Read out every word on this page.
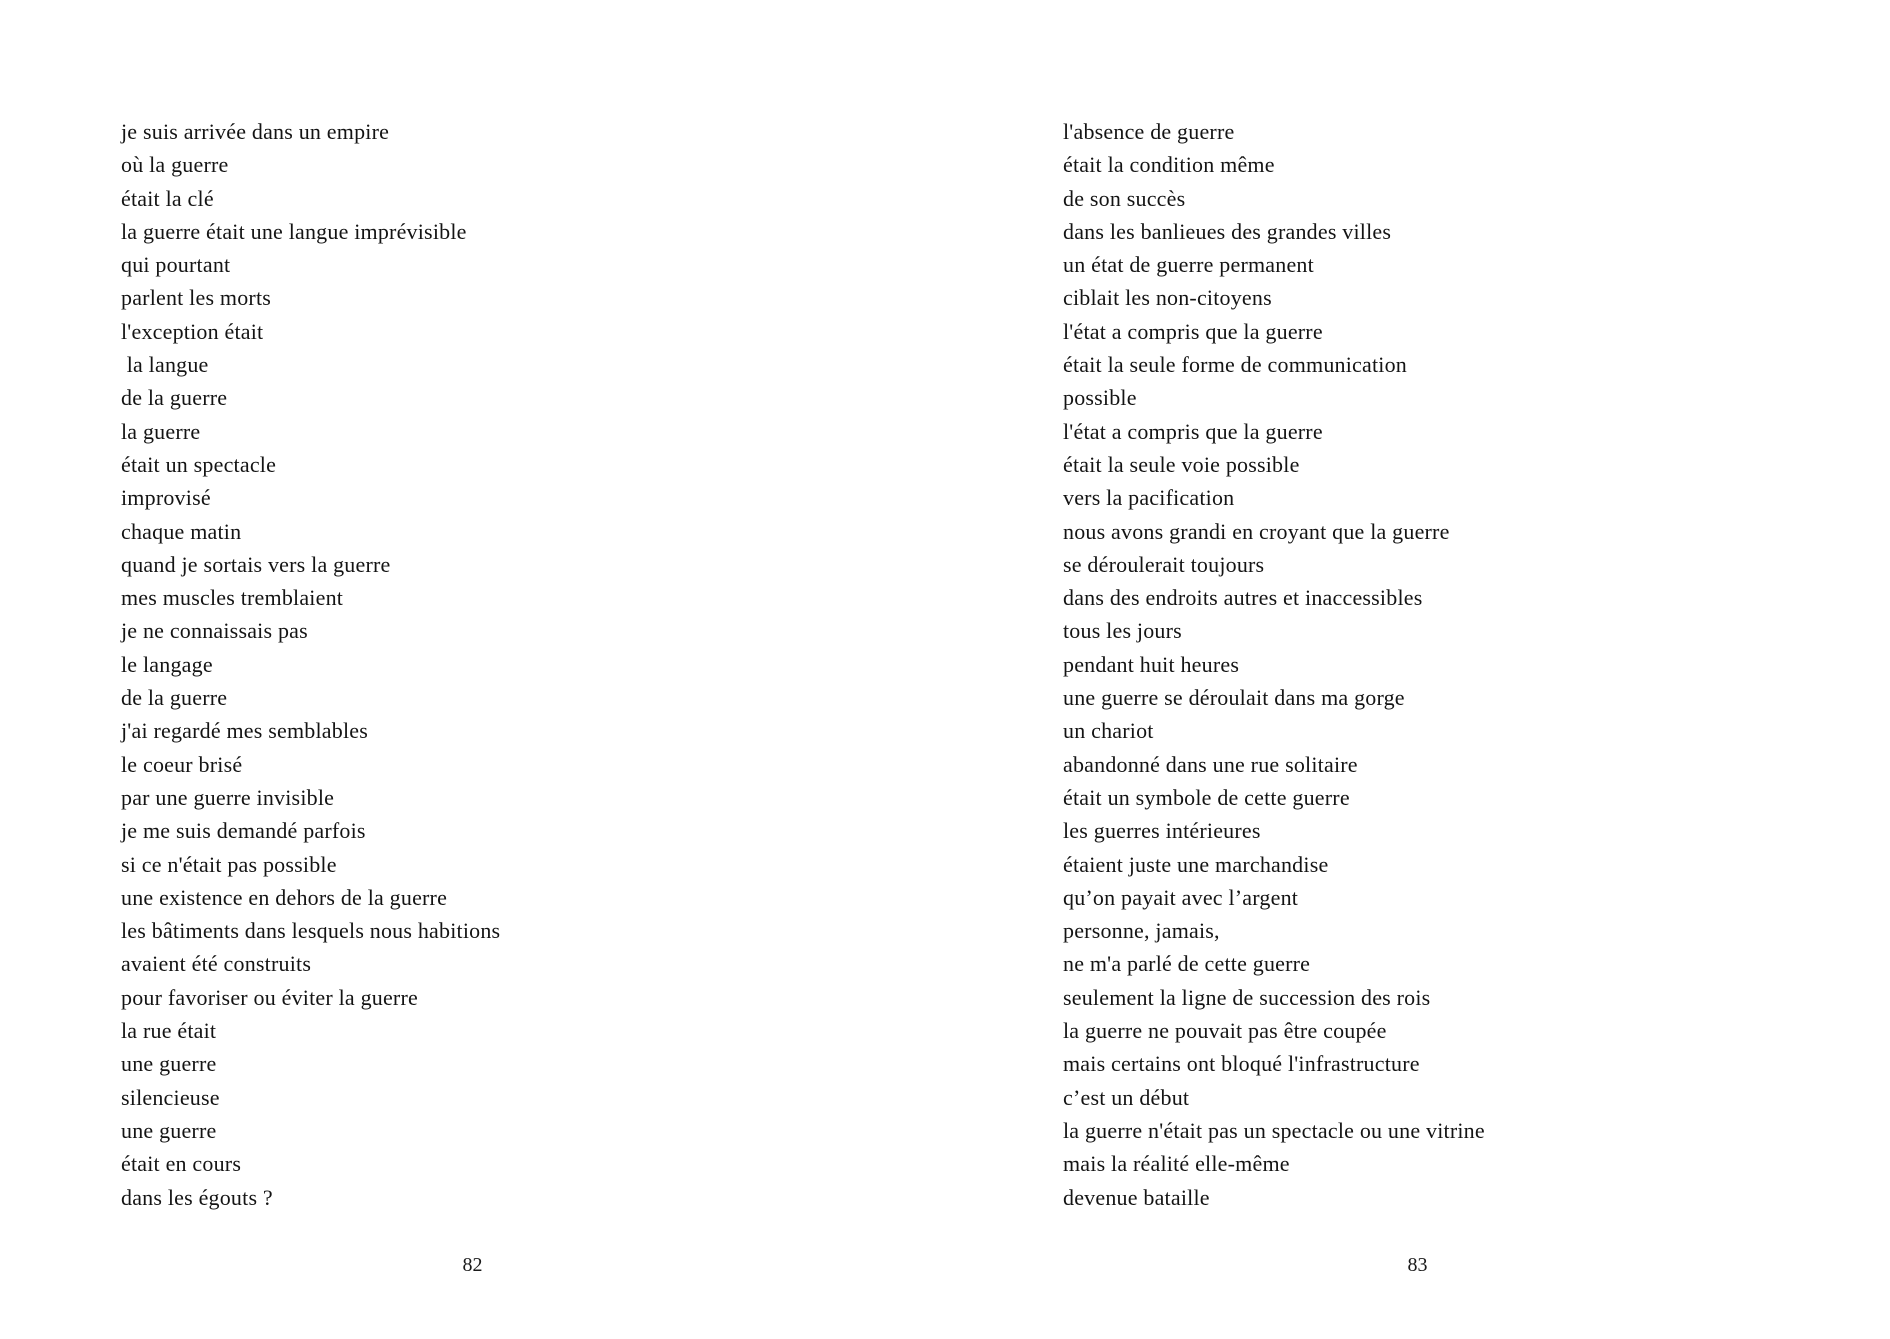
je suis arrivée dans un empire
où la guerre
était la clé
la guerre était une langue imprévisible
qui pourtant
parlent les morts
l'exception était
la langue
de la guerre
la guerre
était un spectacle
improvisé
chaque matin
quand je sortais vers la guerre
mes muscles tremblaient
je ne connaissais pas
le langage
de la guerre
j'ai regardé mes semblables
le coeur brisé
par une guerre invisible
je me suis demandé parfois
si ce n'était pas possible
une existence en dehors de la guerre
les bâtiments dans lesquels nous habitions
avaient été construits
pour favoriser ou éviter la guerre
la rue était
une guerre
silencieuse
une guerre
était en cours
dans les égouts ?
82
l'absence de guerre
était la condition même
de son succès
dans les banlieues des grandes villes
un état de guerre permanent
ciblait les non-citoyens
l'état a compris que la guerre
était la seule forme de communication
possible
l'état a compris que la guerre
était la seule voie possible
vers la pacification
nous avons grandi en croyant que la guerre
se déroulerait toujours
dans des endroits autres et inaccessibles
tous les jours
pendant huit heures
une guerre se déroulait dans ma gorge
un chariot
abandonné dans une rue solitaire
était un symbole de cette guerre
les guerres intérieures
étaient juste une marchandise
qu’on payait avec l’argent
personne, jamais,
ne m'a parlé de cette guerre
seulement la ligne de succession des rois
la guerre ne pouvait pas être coupée
mais certains ont bloqué l'infrastructure
c’est un début
la guerre n'était pas un spectacle ou une vitrine
mais la réalité elle-même
devenue bataille
83
